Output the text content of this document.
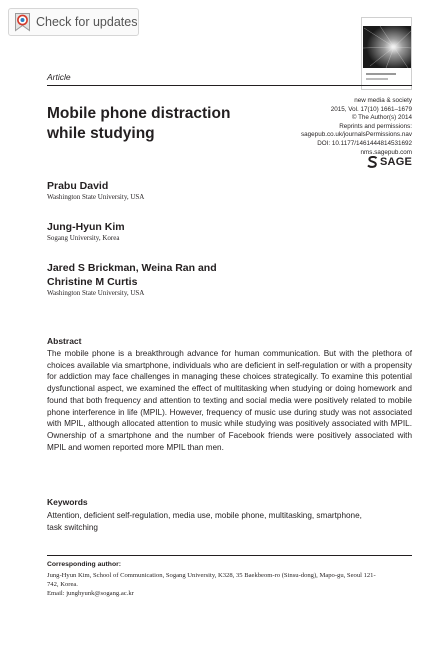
Check for updates
Article
Mobile phone distraction
while studying
new media & society
2015, Vol. 17(10) 1661–1679
© The Author(s) 2014
Reprints and permissions:
sagepub.co.uk/journalsPermissions.nav
DOI: 10.1177/1461444814531692
nms.sagepub.com
SAGE
Prabu David
Washington State University, USA
Jung-Hyun Kim
Sogang University, Korea
Jared S Brickman, Weina Ran and
Christine M Curtis
Washington State University, USA
Abstract
The mobile phone is a breakthrough advance for human communication. But with the plethora of choices available via smartphone, individuals who are deficient in self-regulation or with a propensity for addiction may face challenges in managing these choices strategically. To examine this potential dysfunctional aspect, we examined the effect of multitasking when studying or doing homework and found that both frequency and attention to texting and social media were positively related to mobile phone interference in life (MPIL). However, frequency of music use during study was not associated with MPIL, although allocated attention to music while studying was positively associated with MPIL. Ownership of a smartphone and the number of Facebook friends were positively associated with MPIL and women reported more MPIL than men.
Keywords
Attention, deficient self-regulation, media use, mobile phone, multitasking, smartphone, task switching
Corresponding author:
Jung-Hyun Kim, School of Communication, Sogang University, K328, 35 Baekbeom-ro (Sinsu-dong), Mapo-gu, Seoul 121-742, Korea.
Email: junghyunk@sogang.ac.kr
